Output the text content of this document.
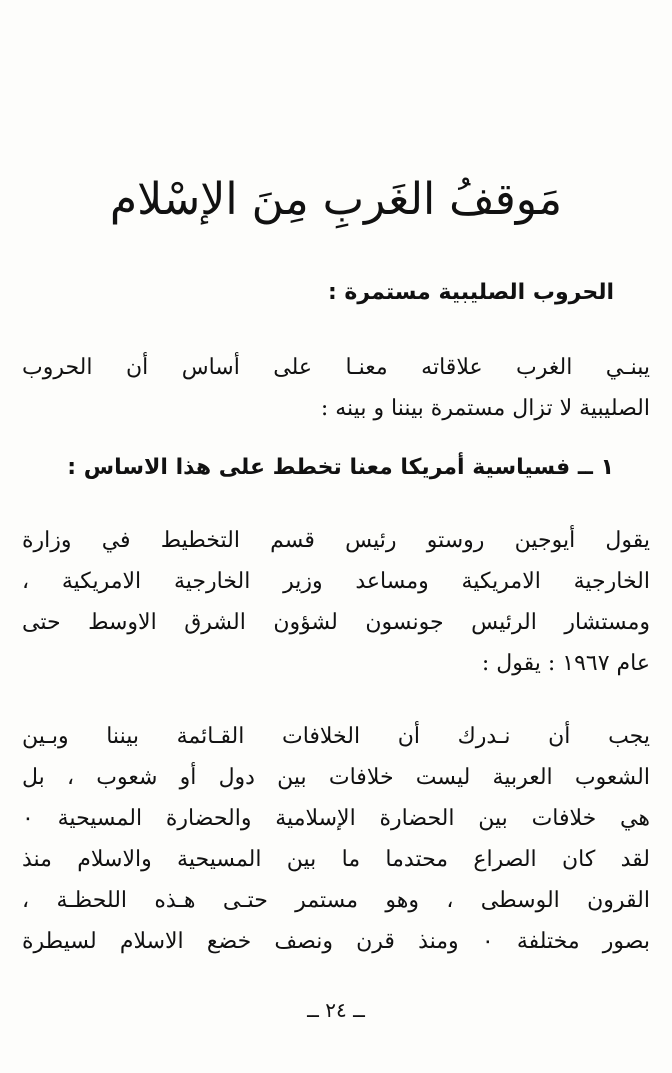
مَوقفُ الغَربِ مِنَ الإسْلام
الحروب الصليبية مستمرة :
يبنـي الغرب علاقاته معنـا على أساس أن الحروب
الصليبية لا تزال مستمرة بيننا و بينه :
١ ــ فسياسية أمريكا معنا تخطط على هذا الاساس :
يقول أيوجين روستو رئيس قسم التخطيط في وزارة
الخارجية الامريكية ومساعد وزير الخارجية الامريكية ،
ومستشار الرئيس جونسون لشؤون الشرق الاوسط حتى
عام ١٩٦٧ : يقول :
يجب أن نـدرك أن الخلافات القـائمة بيننا وبـين
الشعوب العربية ليست خلافات بين دول أو شعوب ، بل
هي خلافات بين الحضارة الإسلامية والحضارة المسيحية ٠
لقد كان الصراع محتدما ما بين المسيحية والاسلام منذ
القرون الوسطى ، وهو مستمر حتـى هـذه اللحظـة ،
بصور مختلفة ٠ ومنذ قرن ونصف خضع الاسلام لسيطرة
ــ ٢٤ ــ
